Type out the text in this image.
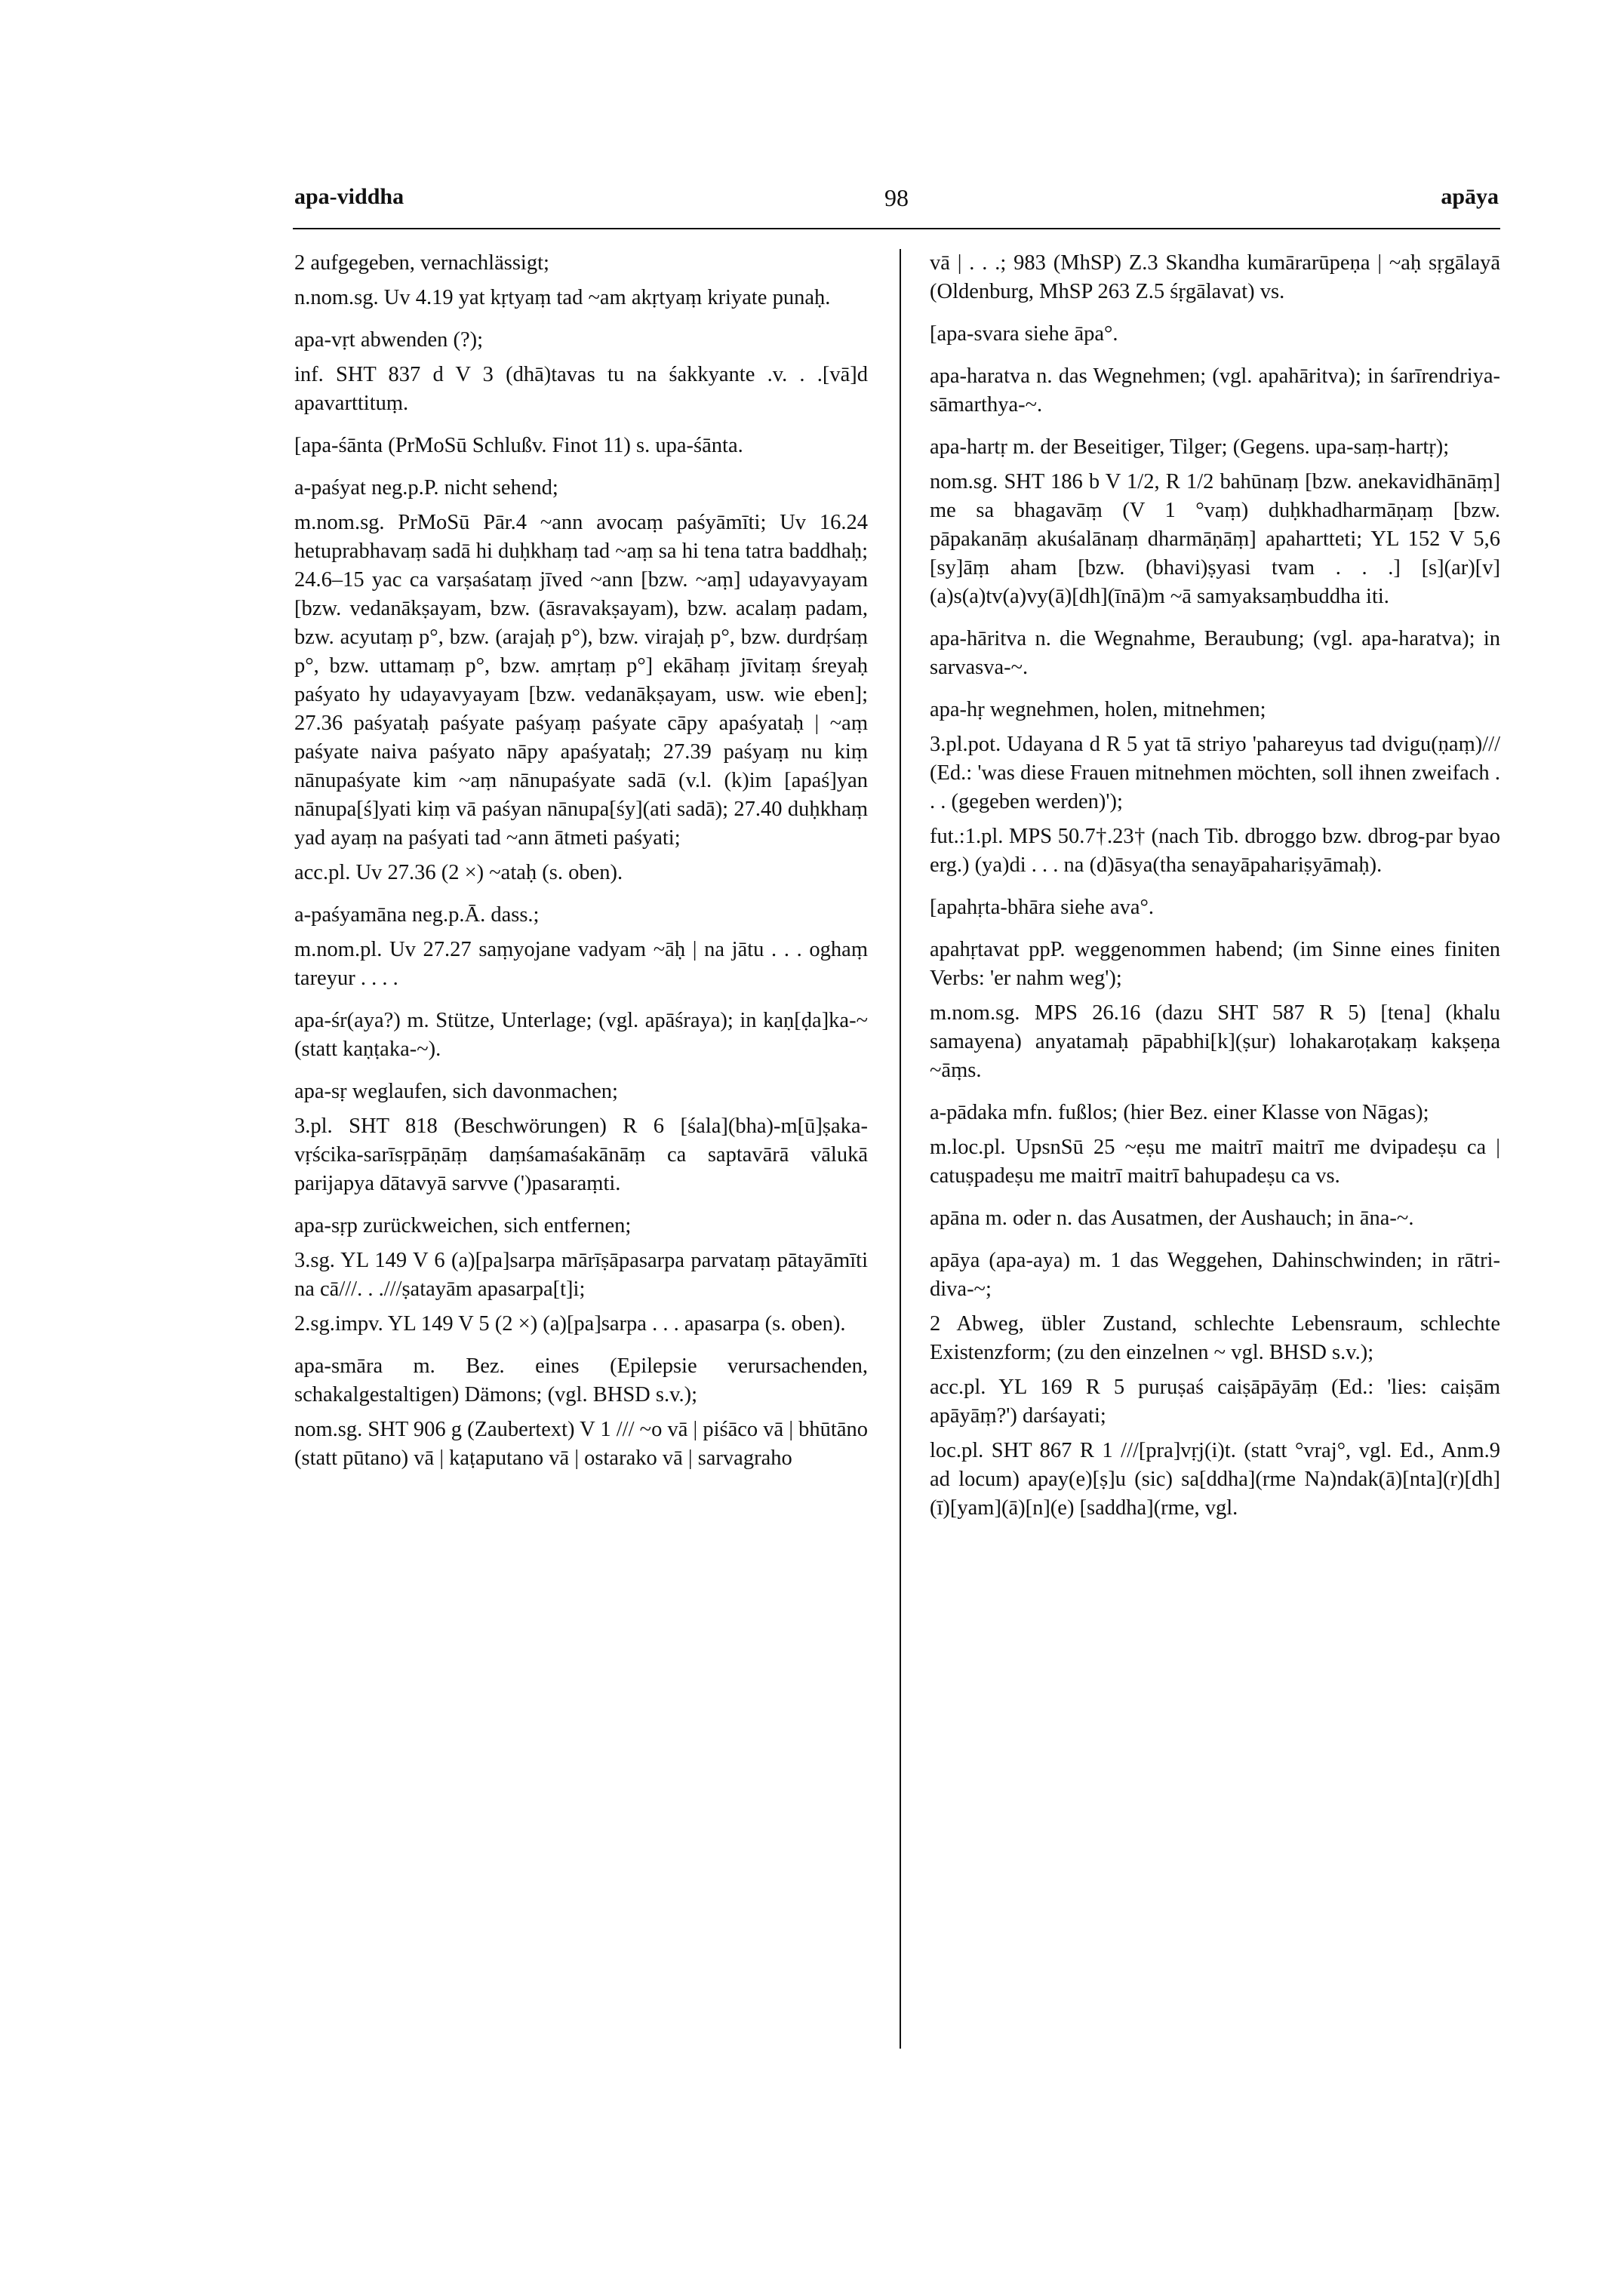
apa-viddha	98	apāya

2 aufgegeben, vernachlässigt;

n.nom.sg. Uv 4.19 yat kṛtyaṃ tad ~am akṛtyaṃ kriyate punaḥ.

apa-vṛt abwenden (?);

inf. SHT 837 d V 3 (dhā)tavas tu na śakkyante .v. . .[vā]d apavarttituṃ.

[apa-śānta (PrMoSū Schlußv. Finot 11) s. upa-śānta.

a-paśyat neg.p.P. nicht sehend;

m.nom.sg. PrMoSū Pār.4 ~ann avocaṃ paśyāmīti; Uv 16.24 hetuprabhavaṃ sadā hi duḥkhaṃ tad ~aṃ sa hi tena tatra baddhaḥ; 24.6–15 yac ca varṣaśataṃ jīved ~ann [bzw. ~aṃ] udayavyayam [bzw. vedanākṣayam, bzw. (āsravakṣayam), bzw. acalaṃ padam, bzw. acyutaṃ p°, bzw. (arajaḥ p°), bzw. virajaḥ p°, bzw. durdṛśaṃ p°, bzw. uttamaṃ p°, bzw. amṛtaṃ p°] ekāhaṃ jīvitaṃ śreyaḥ paśyato hy udayavyayam [bzw. vedanākṣayam, usw. wie eben]; 27.36 paśyataḥ paśyate paśyaṃ paśyate cāpy apaśyataḥ | ~aṃ paśyate naiva paśyato nāpy apaśyataḥ; 27.39 paśyaṃ nu kiṃ nānupaśyate kim ~aṃ nānupaśyate sadā (v.l. (k)im [apaś]yan nānupa[ś]yati kiṃ vā paśyan nānupa[śy](ati sadā); 27.40 duḥkhaṃ yad ayaṃ na paśyati tad ~ann ātmeti paśyati;

acc.pl. Uv 27.36 (2 ×) ~ataḥ (s. oben).

a-paśyamāna neg.p.Ā. dass.;

m.nom.pl. Uv 27.27 saṃyojane vadyam ~āḥ | na jātu . . . oghaṃ tareyur . . . .

apa-śr(aya?) m. Stütze, Unterlage; (vgl. apāśraya); in kaṇ[ḍa]ka-~ (statt kaṇṭaka-~).

apa-sṛ weglaufen, sich davonmachen;

3.pl. SHT 818 (Beschwörungen) R 6 [śala](bha)-m[ū]ṣaka-vṛścika-sarīsṛpāṇāṃ daṃśamaśakānāṃ ca saptavārā vālukā parijapya dātavyā sarvve (')pasaraṃti.

apa-sṛp zurückweichen, sich entfernen;

3.sg. YL 149 V 6 (a)[pa]sarpa mārīṣāpasarpa parvataṃ pātayāmīti na cā///. . .///ṣatayām apasarpa[t]i;

2.sg.impv. YL 149 V 5 (2 ×) (a)[pa]sarpa . . . apasarpa (s. oben).

apa-smāra m. Bez. eines (Epilepsie verursachenden, schakalgestaltigen) Dämons; (vgl. BHSD s.v.);

nom.sg. SHT 906 g (Zaubertext) V 1 /// ~o vā | piśāco vā | bhūtāno (statt pūtano) vā | kaṭaputano vā | ostarako vā | sarvagraho

vā | . . .; 983 (MhSP) Z.3 Skandha kumārarūpeṇa | ~aḥ sṛgālayā (Oldenburg, MhSP 263 Z.5 śṛgālavat) vs.

[apa-svara siehe āpa°.

apa-haratva n. das Wegnehmen; (vgl. apahāritva); in śarīrendriya-sāmarthya-~.

apa-hartṛ m. der Beseitiger, Tilger; (Gegens. upa-saṃ-hartṛ);

nom.sg. SHT 186 b V 1/2, R 1/2 bahūnaṃ [bzw. anekavidhānāṃ] me sa bhagavāṃ (V 1 °vaṃ) duḥkhadharmāṇaṃ [bzw. pāpakanāṃ akuśalānaṃ dharmāṇāṃ] apahartteti; YL 152 V 5,6 [sy]āṃ aham [bzw. (bhavi)ṣyasi tvam . . .] [s](ar)[v](a)s(a)tv(a)vy(ā)[dh](īnā)m ~ā samyaksaṃbuddha iti.

apa-hāritva n. die Wegnahme, Beraubung; (vgl. apa-haratva); in sarvasva-~.

apa-hṛ wegnehmen, holen, mitnehmen;

3.pl.pot. Udayana d R 5 yat tā striyo 'pahareyus tad dvigu(ṇaṃ)/// (Ed.: 'was diese Frauen mitnehmen möchten, soll ihnen zweifach . . . (gegeben werden)');

fut.:1.pl. MPS 50.7†.23† (nach Tib. dbroggo bzw. dbrog-par byao erg.) (ya)di . . . na (d)āsya(tha senayāpahariṣyāmaḥ).

[apahṛta-bhāra siehe ava°.

apahṛtavat ppP. weggenommen habend; (im Sinne eines finiten Verbs: 'er nahm weg');

m.nom.sg. MPS 26.16 (dazu SHT 587 R 5) [tena] (khalu samayena) anyatamaḥ pāpabhi[k](ṣur) lohakaroṭakaṃ kakṣeṇa ~āṃs.

a-pādaka mfn. fußlos; (hier Bez. einer Klasse von Nāgas);

m.loc.pl. UpsnSū 25 ~eṣu me maitrī maitrī me dvipadeṣu ca | catuṣpadeṣu me maitrī maitrī bahupadeṣu ca vs.

apāna m. oder n. das Ausatmen, der Aushauch; in āna-~.

apāya (apa-aya) m. 1 das Weggehen, Dahinschwinden; in rātri-diva-~;

2 Abweg, übler Zustand, schlechte Lebensraum, schlechte Existenzform; (zu den einzelnen ~ vgl. BHSD s.v.);

acc.pl. YL 169 R 5 puruṣaś caiṣāpāyāṃ (Ed.: 'lies: caiṣām apāyāṃ?') darśayati;

loc.pl. SHT 867 R 1 ///[pra]vṛj(i)t. (statt °vraj°, vgl. Ed., Anm.9 ad locum) apay(e)[ṣ]u (sic) sa[ddha](rme Na)ndak(ā)[nta](r)[dh](ī)[yam](ā)[n](e) [saddha](rme, vgl.
